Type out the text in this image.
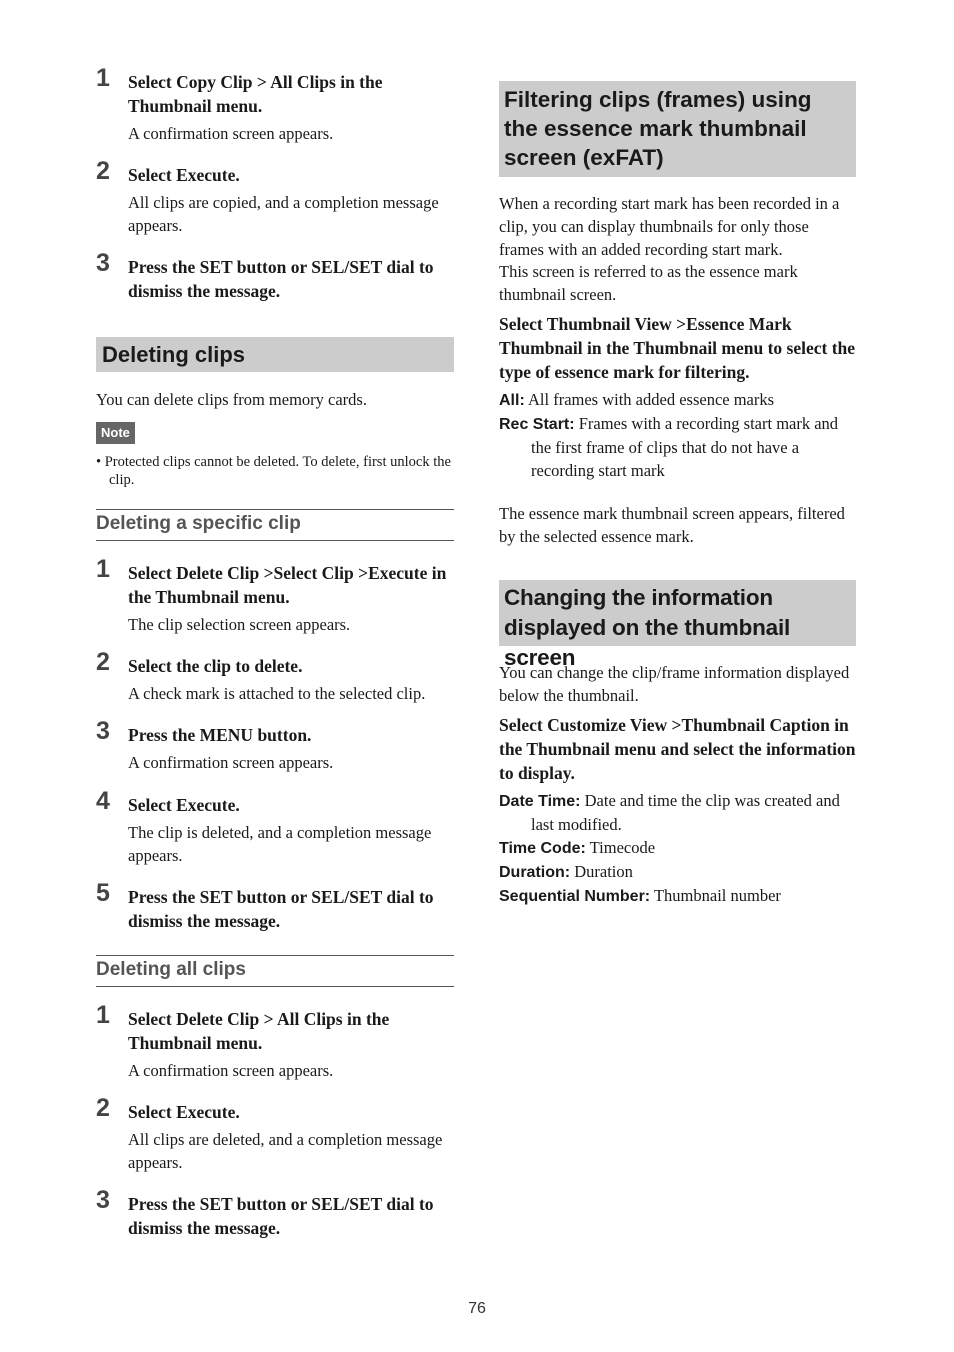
1 Select Copy Clip > All Clips in the Thumbnail menu.
A confirmation screen appears.
2 Select Execute.
All clips are copied, and a completion message appears.
3 Press the SET button or SEL/SET dial to dismiss the message.
Deleting clips
You can delete clips from memory cards.
Note
• Protected clips cannot be deleted. To delete, first unlock the clip.
Deleting a specific clip
1 Select Delete Clip >Select Clip >Execute in the Thumbnail menu.
The clip selection screen appears.
2 Select the clip to delete.
A check mark is attached to the selected clip.
3 Press the MENU button.
A confirmation screen appears.
4 Select Execute.
The clip is deleted, and a completion message appears.
5 Press the SET button or SEL/SET dial to dismiss the message.
Deleting all clips
1 Select Delete Clip > All Clips in the Thumbnail menu.
A confirmation screen appears.
2 Select Execute.
All clips are deleted, and a completion message appears.
3 Press the SET button or SEL/SET dial to dismiss the message.
Filtering clips (frames) using the essence mark thumbnail screen (exFAT)
When a recording start mark has been recorded in a clip, you can display thumbnails for only those frames with an added recording start mark.
This screen is referred to as the essence mark thumbnail screen.
Select Thumbnail View >Essence Mark Thumbnail in the Thumbnail menu to select the type of essence mark for filtering.
All: All frames with added essence marks
Rec Start: Frames with a recording start mark and the first frame of clips that do not have a recording start mark
The essence mark thumbnail screen appears, filtered by the selected essence mark.
Changing the information displayed on the thumbnail screen
You can change the clip/frame information displayed below the thumbnail.
Select Customize View >Thumbnail Caption in the Thumbnail menu and select the information to display.
Date Time: Date and time the clip was created and last modified.
Time Code: Timecode
Duration: Duration
Sequential Number: Thumbnail number
76
